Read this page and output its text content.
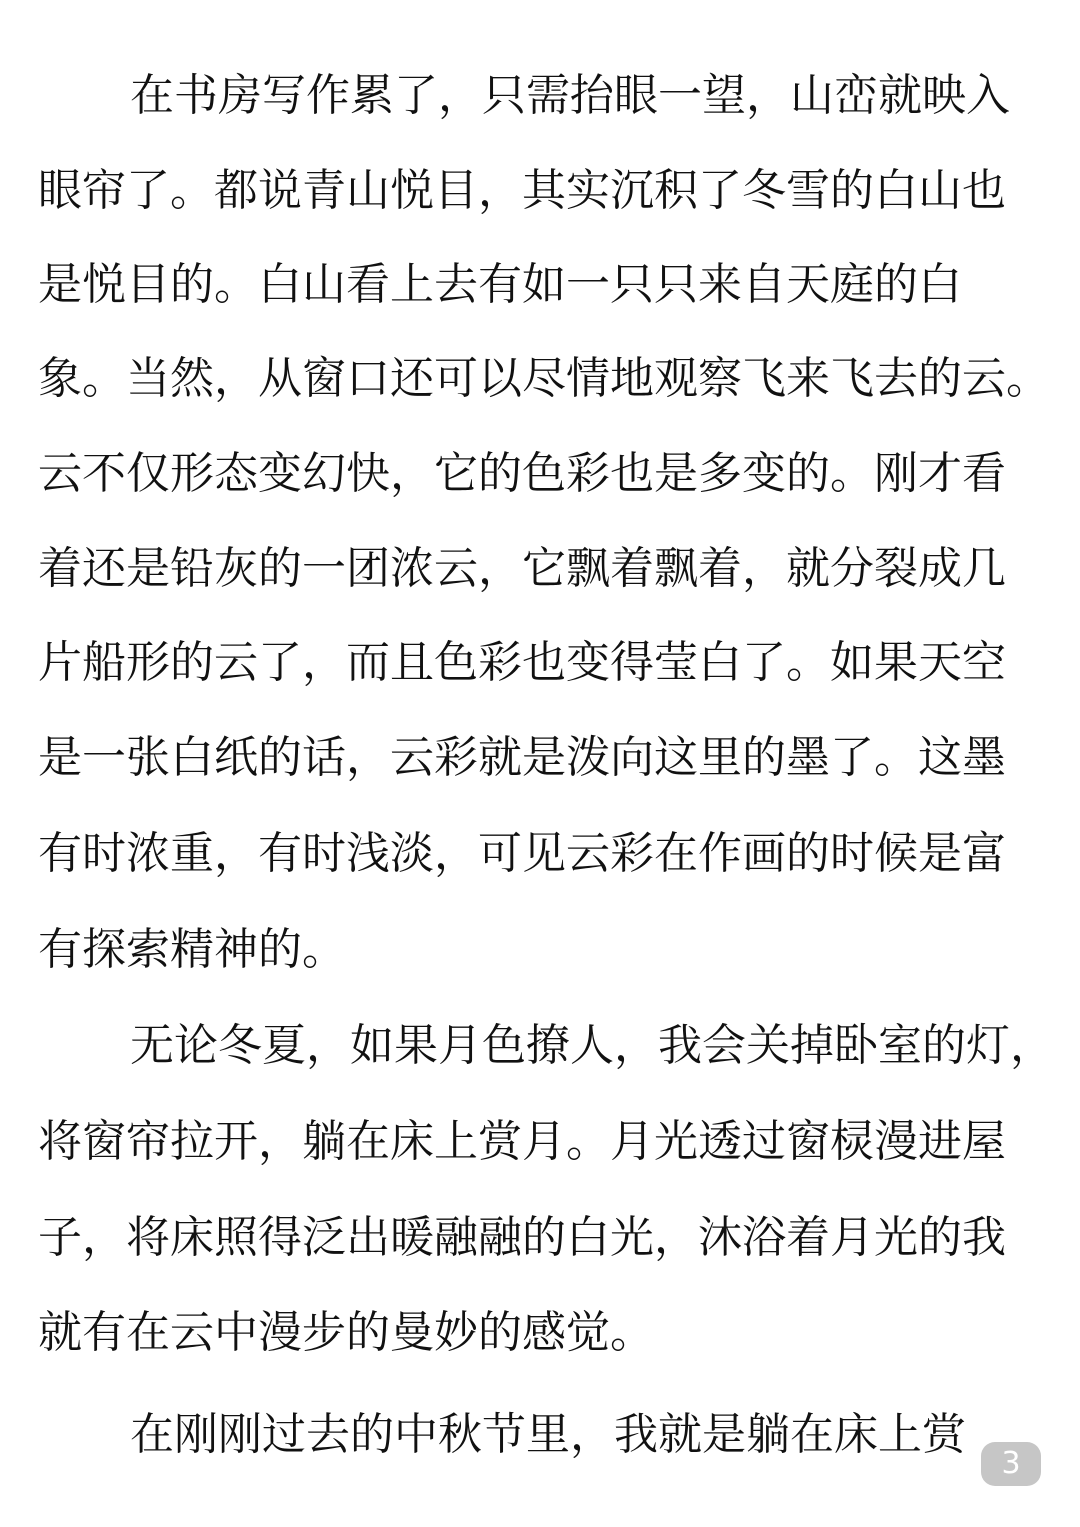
在书房写作累了，只需抬眼一望，山峦就映入
眼帘了。都说青山悦目，其实沉积了冬雪的白山也
是悦目的。白山看上去有如一只只来自天庭的白
象。当然，从窗口还可以尽情地观察飞来飞去的云。
云不仅形态变幻快，它的色彩也是多变的。刚才看
着还是铅灰的一团浓云，它飘着飘着，就分裂成几
片船形的云了，而且色彩也变得莹白了。如果天空
是一张白纸的话，云彩就是泼向这里的墨了。这墨
有时浓重，有时浅淡，可见云彩在作画的时候是富
有探索精神的。
无论冬夏，如果月色撩人，我会关掉卧室的灯，
将窗帘拉开，躺在床上赏月。月光透过窗棂漫进屋
子，将床照得泛出暖融融的白光，沐浴着月光的我
就有在云中漫步的曼妙的感觉。
在刚刚过去的中秋节里，我就是躺在床上赏
3
